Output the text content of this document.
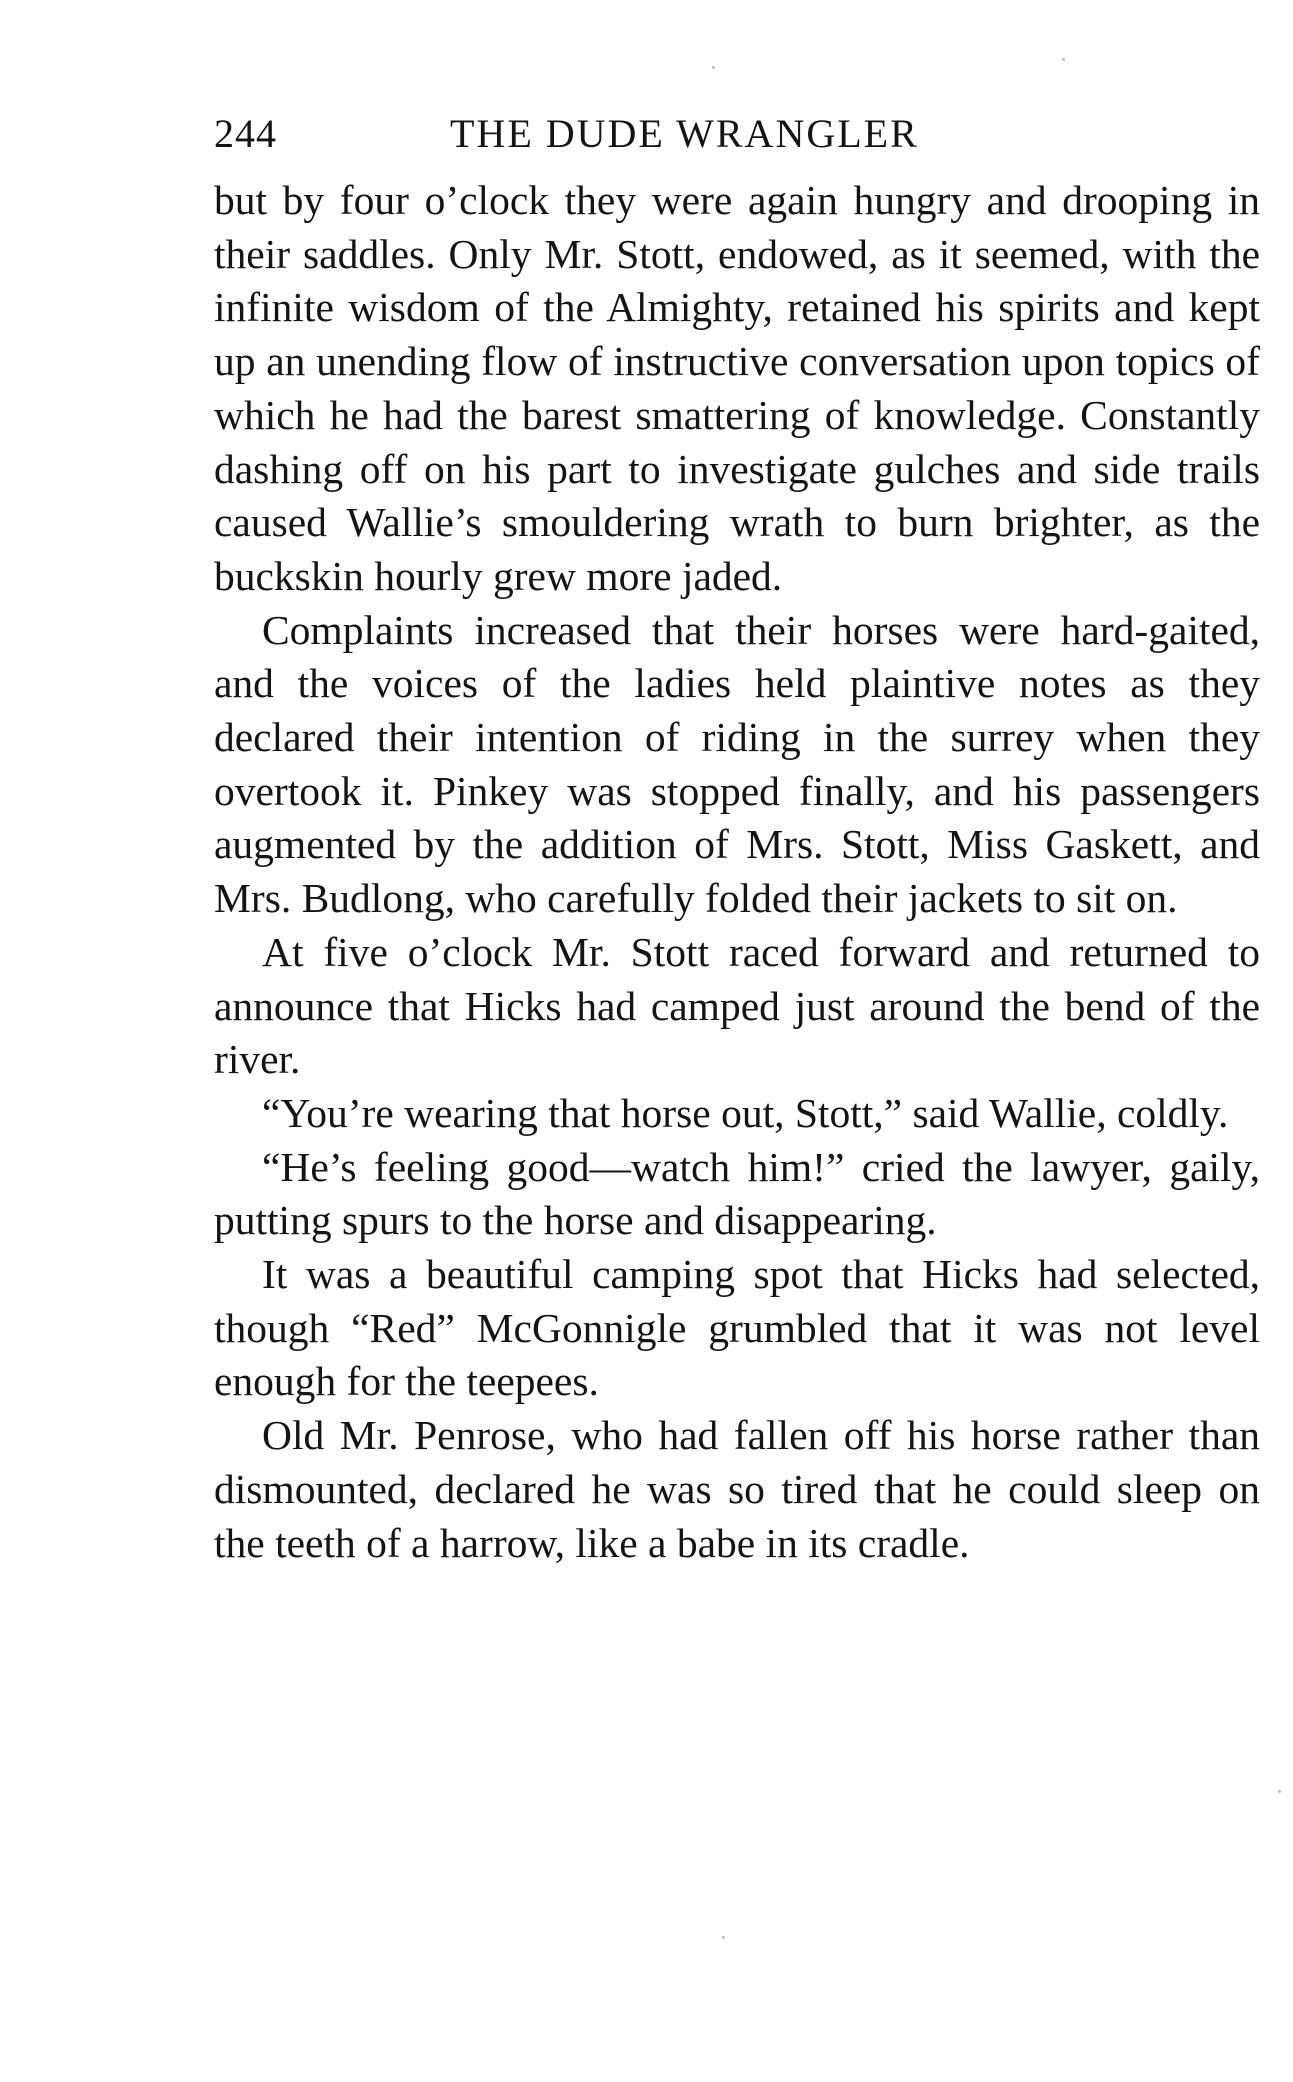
244	THE DUDE WRANGLER

but by four o’clock they were again hungry and drooping in their saddles. Only Mr. Stott, endowed, as it seemed, with the infinite wisdom of the Almighty, retained his spirits and kept up an unending flow of instructive conversation upon topics of which he had the barest smattering of knowledge. Constantly dashing off on his part to investigate gulches and side trails caused Wallie’s smouldering wrath to burn brighter, as the buckskin hourly grew more jaded.

Complaints increased that their horses were hard-gaited, and the voices of the ladies held plaintive notes as they declared their intention of riding in the surrey when they overtook it. Pinkey was stopped finally, and his passengers augmented by the addition of Mrs. Stott, Miss Gaskett, and Mrs. Budlong, who carefully folded their jackets to sit on.

At five o’clock Mr. Stott raced forward and returned to announce that Hicks had camped just around the bend of the river.

“You’re wearing that horse out, Stott,” said Wallie, coldly.

“He’s feeling good—watch him!” cried the lawyer, gaily, putting spurs to the horse and disappearing.

It was a beautiful camping spot that Hicks had selected, though “Red” McGonnigle grumbled that it was not level enough for the teepees.

Old Mr. Penrose, who had fallen off his horse rather than dismounted, declared he was so tired that he could sleep on the teeth of a harrow, like a babe in its cradle.
